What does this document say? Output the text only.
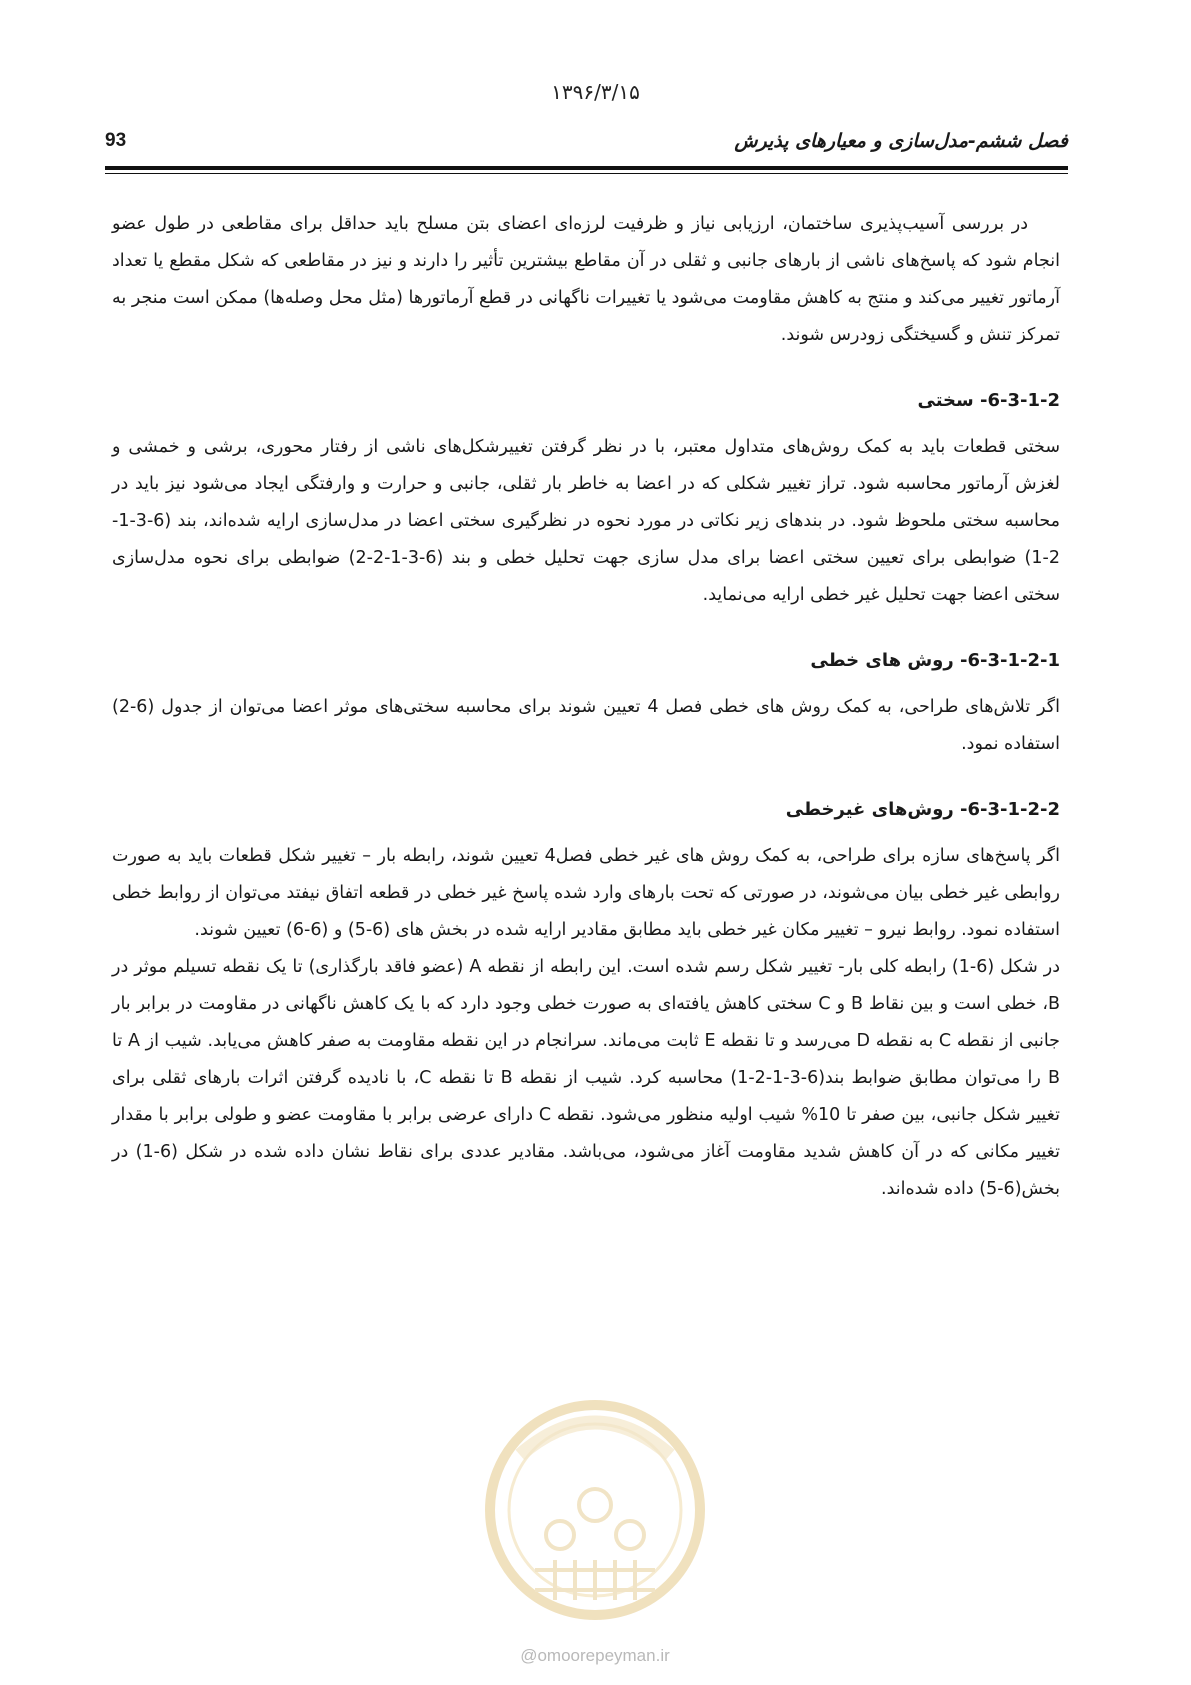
۱۳۹۶/۳/۱۵
93	فصل ششم-مدل‌سازی و معیارهای پذیرش

در بررسی آسیب‌پذیری ساختمان، ارزیابی نیاز و ظرفیت لرزه‌ای اعضای بتن مسلح باید حداقل برای مقاطعی در طول عضو انجام شود که پاسخ‌های ناشی از بارهای جانبی و ثقلی در آن مقاطع بیشترین تأثیر را دارند و نیز در مقاطعی که شکل مقطع یا تعداد آرماتور تغییر می‌کند و منتج به کاهش مقاومت می‌شود یا تغییرات ناگهانی در قطع آرماتورها (مثل محل وصله‌ها) ممکن است منجر به تمرکز تنش و گسیختگی زودرس شوند.

6-3-1-2- سختی

سختی قطعات باید به کمک روش‌های متداول معتبر، با در نظر گرفتن تغییرشکل‌های ناشی از رفتار محوری، برشی و خمشی و لغزش آرماتور محاسبه شود. تراز تغییر شکلی که در اعضا به خاطر بار ثقلی، جانبی و حرارت و وارفتگی ایجاد می‌شود نیز باید در محاسبه سختی ملحوظ شود. در بندهای زیر نکاتی در مورد نحوه در نظرگیری سختی اعضا در مدل‌سازی ارایه شده‌اند، بند (6-3-1-2-1) ضوابطی برای تعیین سختی اعضا برای مدل سازی جهت تحلیل خطی و بند (6-3-1-2-2) ضوابطی برای نحوه مدل‌سازی سختی اعضا جهت تحلیل غیر خطی ارایه می‌نماید.

6-3-1-2-1- روش های خطی

اگر تلاش‌های طراحی، به کمک روش های خطی فصل 4 تعیین شوند برای محاسبه سختی‌های موثر اعضا می‌توان از جدول (6-2) استفاده نمود.

6-3-1-2-2- روش‌های غیرخطی

اگر پاسخ‌های سازه برای طراحی، به کمک روش های غیر خطی فصل4 تعیین شوند، رابطه بار – تغییر شکل قطعات باید به صورت روابطی غیر خطی بیان می‌شوند، در صورتی که تحت بارهای وارد شده پاسخ غیر خطی در قطعه اتفاق نیفتد می‌توان از روابط خطی استفاده نمود. روابط نیرو – تغییر مکان غیر خطی باید مطابق مقادیر ارایه شده در بخش های (6-5) و (6-6) تعیین شوند.

در شکل (6-1) رابطه کلی بار- تغییر شکل رسم شده است. این رابطه از نقطه A (عضو فاقد بارگذاری) تا یک نقطه تسیلم موثر در B، خطی است و بین نقاط B و C سختی کاهش یافته‌ای به صورت خطی وجود دارد که با یک کاهش ناگهانی در مقاومت در برابر بار جانبی از نقطه C به نقطه D می‌رسد و تا نقطه E ثابت می‌ماند. سرانجام در این نقطه مقاومت به صفر کاهش می‌یابد. شیب از A تا B را می‌توان مطابق ضوابط بند(6-3-1-2-1) محاسبه کرد. شیب از نقطه B تا نقطه C، با نادیده گرفتن اثرات بارهای ثقلی برای تغییر شکل جانبی، بین صفر تا 10% شیب اولیه منظور می‌شود. نقطه C دارای عرضی برابر با مقاومت عضو و طولی برابر با مقدار تغییر مکانی که در آن کاهش شدید مقاومت آغاز می‌شود، می‌باشد. مقادیر عددی برای نقاط نشان داده شده در شکل (6-1) در بخش(6-5) داده شده‌اند.

@omoorepeyman.ir
